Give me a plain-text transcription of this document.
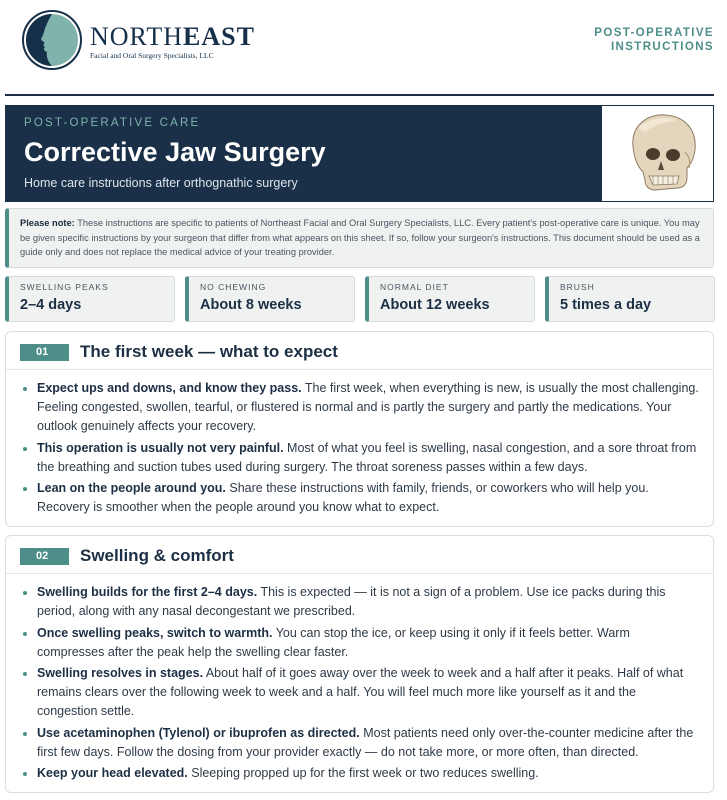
NORTHEAST
Facial and Oral Surgery Specialists, LLC
POST-OPERATIVE
INSTRUCTIONS
POST-OPERATIVE CARE
Corrective Jaw Surgery
Home care instructions after orthognathic surgery
Please note: These instructions are specific to patients of Northeast Facial and Oral Surgery Specialists, LLC. Every patient's post-operative care is unique. You may be given specific instructions by your surgeon that differ from what appears on this sheet. If so, follow your surgeon's instructions. This document should be used as a guide only and does not replace the medical advice of your treating provider.
SWELLING PEAKS
2–4 days
NO CHEWING
About 8 weeks
NORMAL DIET
About 12 weeks
BRUSH
5 times a day
01	The first week — what to expect
Expect ups and downs, and know they pass. The first week, when everything is new, is usually the most challenging. Feeling congested, swollen, tearful, or flustered is normal and is partly the surgery and partly the medications. Your outlook genuinely affects your recovery.
This operation is usually not very painful. Most of what you feel is swelling, nasal congestion, and a sore throat from the breathing and suction tubes used during surgery. The throat soreness passes within a few days.
Lean on the people around you. Share these instructions with family, friends, or coworkers who will help you. Recovery is smoother when the people around you know what to expect.
02	Swelling & comfort
Swelling builds for the first 2–4 days. This is expected — it is not a sign of a problem. Use ice packs during this period, along with any nasal decongestant we prescribed.
Once swelling peaks, switch to warmth. You can stop the ice, or keep using it only if it feels better. Warm compresses after the peak help the swelling clear faster.
Swelling resolves in stages. About half of it goes away over the week to week and a half after it peaks. Half of what remains clears over the following week to week and a half. You will feel much more like yourself as it and the congestion settle.
Use acetaminophen (Tylenol) or ibuprofen as directed. Most patients need only over-the-counter medicine after the first few days. Follow the dosing from your provider exactly — do not take more, or more often, than directed.
Keep your head elevated. Sleeping propped up for the first week or two reduces swelling.
